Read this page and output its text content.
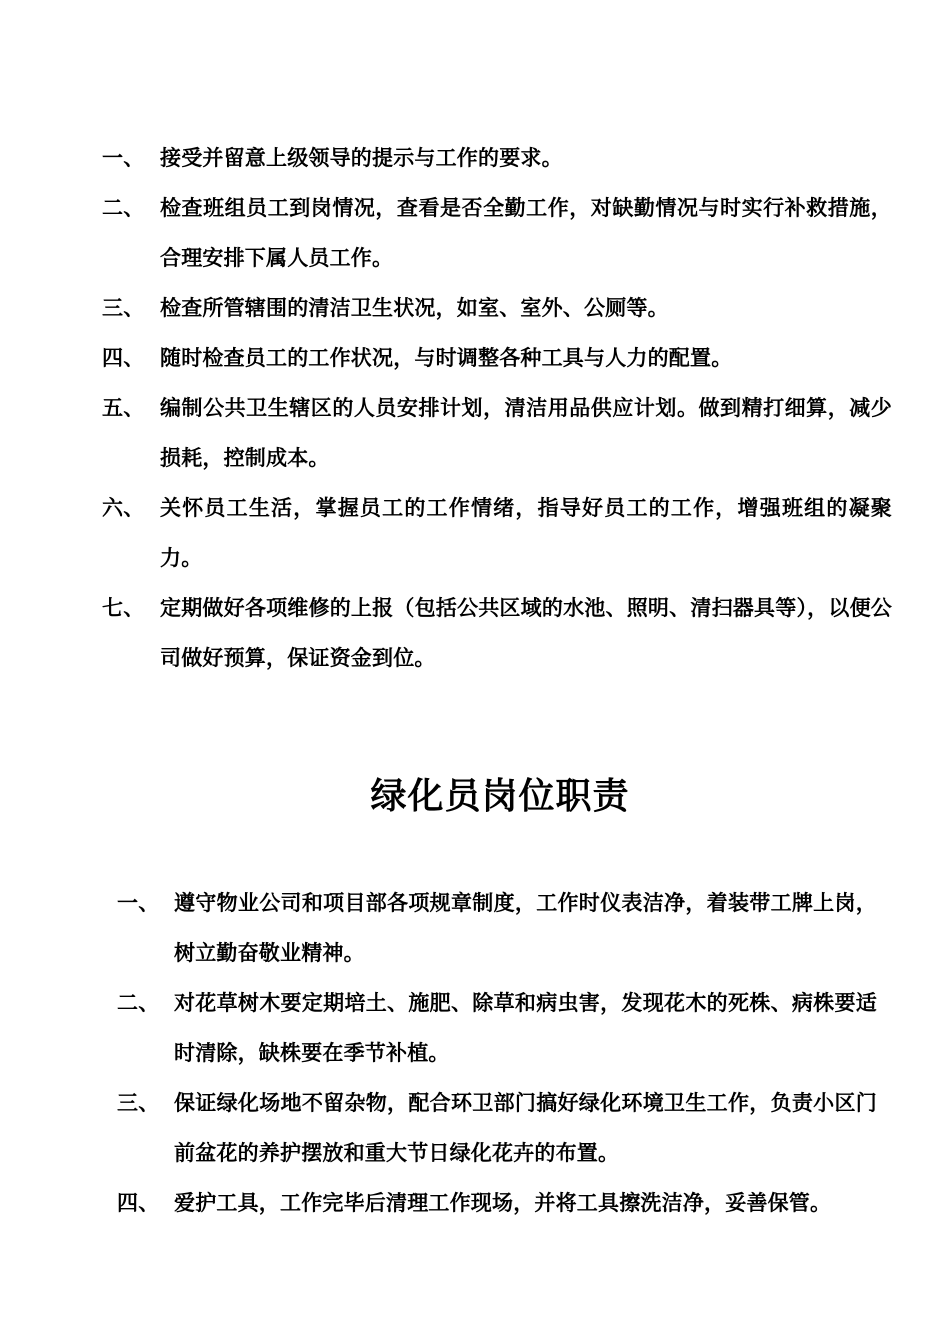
一、 接受并留意上级领导的提示与工作的要求。
二、 检查班组员工到岗情况，查看是否全勤工作，对缺勤情况与时实行补救措施，合理安排下属人员工作。
三、 检查所管辖围的清洁卫生状况，如室、室外、公厕等。
四、 随时检查员工的工作状况，与时调整各种工具与人力的配置。
五、 编制公共卫生辖区的人员安排计划，清洁用品供应计划。做到精打细算，减少损耗，控制成本。
六、 关怀员工生活，掌握员工的工作情绪，指导好员工的工作，增强班组的凝聚力。
七、 定期做好各项维修的上报（包括公共区域的水池、照明、清扫器具等），以便公司做好预算，保证资金到位。
绿化员岗位职责
一、 遵守物业公司和项目部各项规章制度，工作时仪表洁净，着装带工牌上岗，树立勤奋敬业精神。
二、 对花草树木要定期培土、施肥、除草和病虫害，发现花木的死株、病株要适时清除，缺株要在季节补植。
三、 保证绿化场地不留杂物，配合环卫部门搞好绿化环境卫生工作，负责小区门前盆花的养护摆放和重大节日绿化花卉的布置。
四、 爱护工具，工作完毕后清理工作现场，并将工具擦洗洁净，妥善保管。
